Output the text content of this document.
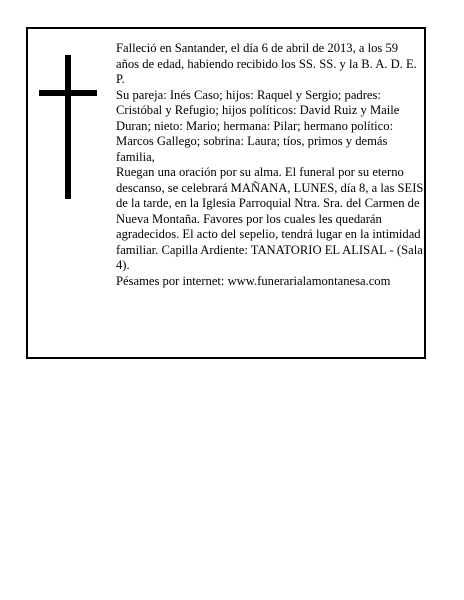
Falleció en Santander, el día 6 de abril de 2013, a los 59 años de edad, habiendo recibido los SS. SS. y la B. A. D. E. P.

Su pareja: Inés Caso; hijos: Raquel y Sergio; padres: Cristóbal y Refugio; hijos políticos: David Ruiz y Maile Duran; nieto: Mario; hermana: Pilar; hermano político: Marcos Gallego; sobrina: Laura; tíos, primos y demás familia,

Ruegan una oración por su alma. El funeral por su eterno descanso, se celebrará MAÑANA, LUNES, día 8, a las SEIS de la tarde, en la Iglesia Parroquial Ntra. Sra. del Carmen de Nueva Montaña. Favores por los cuales les quedarán agradecidos. El acto del sepelio, tendrá lugar en la intimidad familiar. Capilla Ardiente: TANATORIO EL ALISAL - (Sala 4).

Pésames por internet: www.funerarialamontanesa.com
